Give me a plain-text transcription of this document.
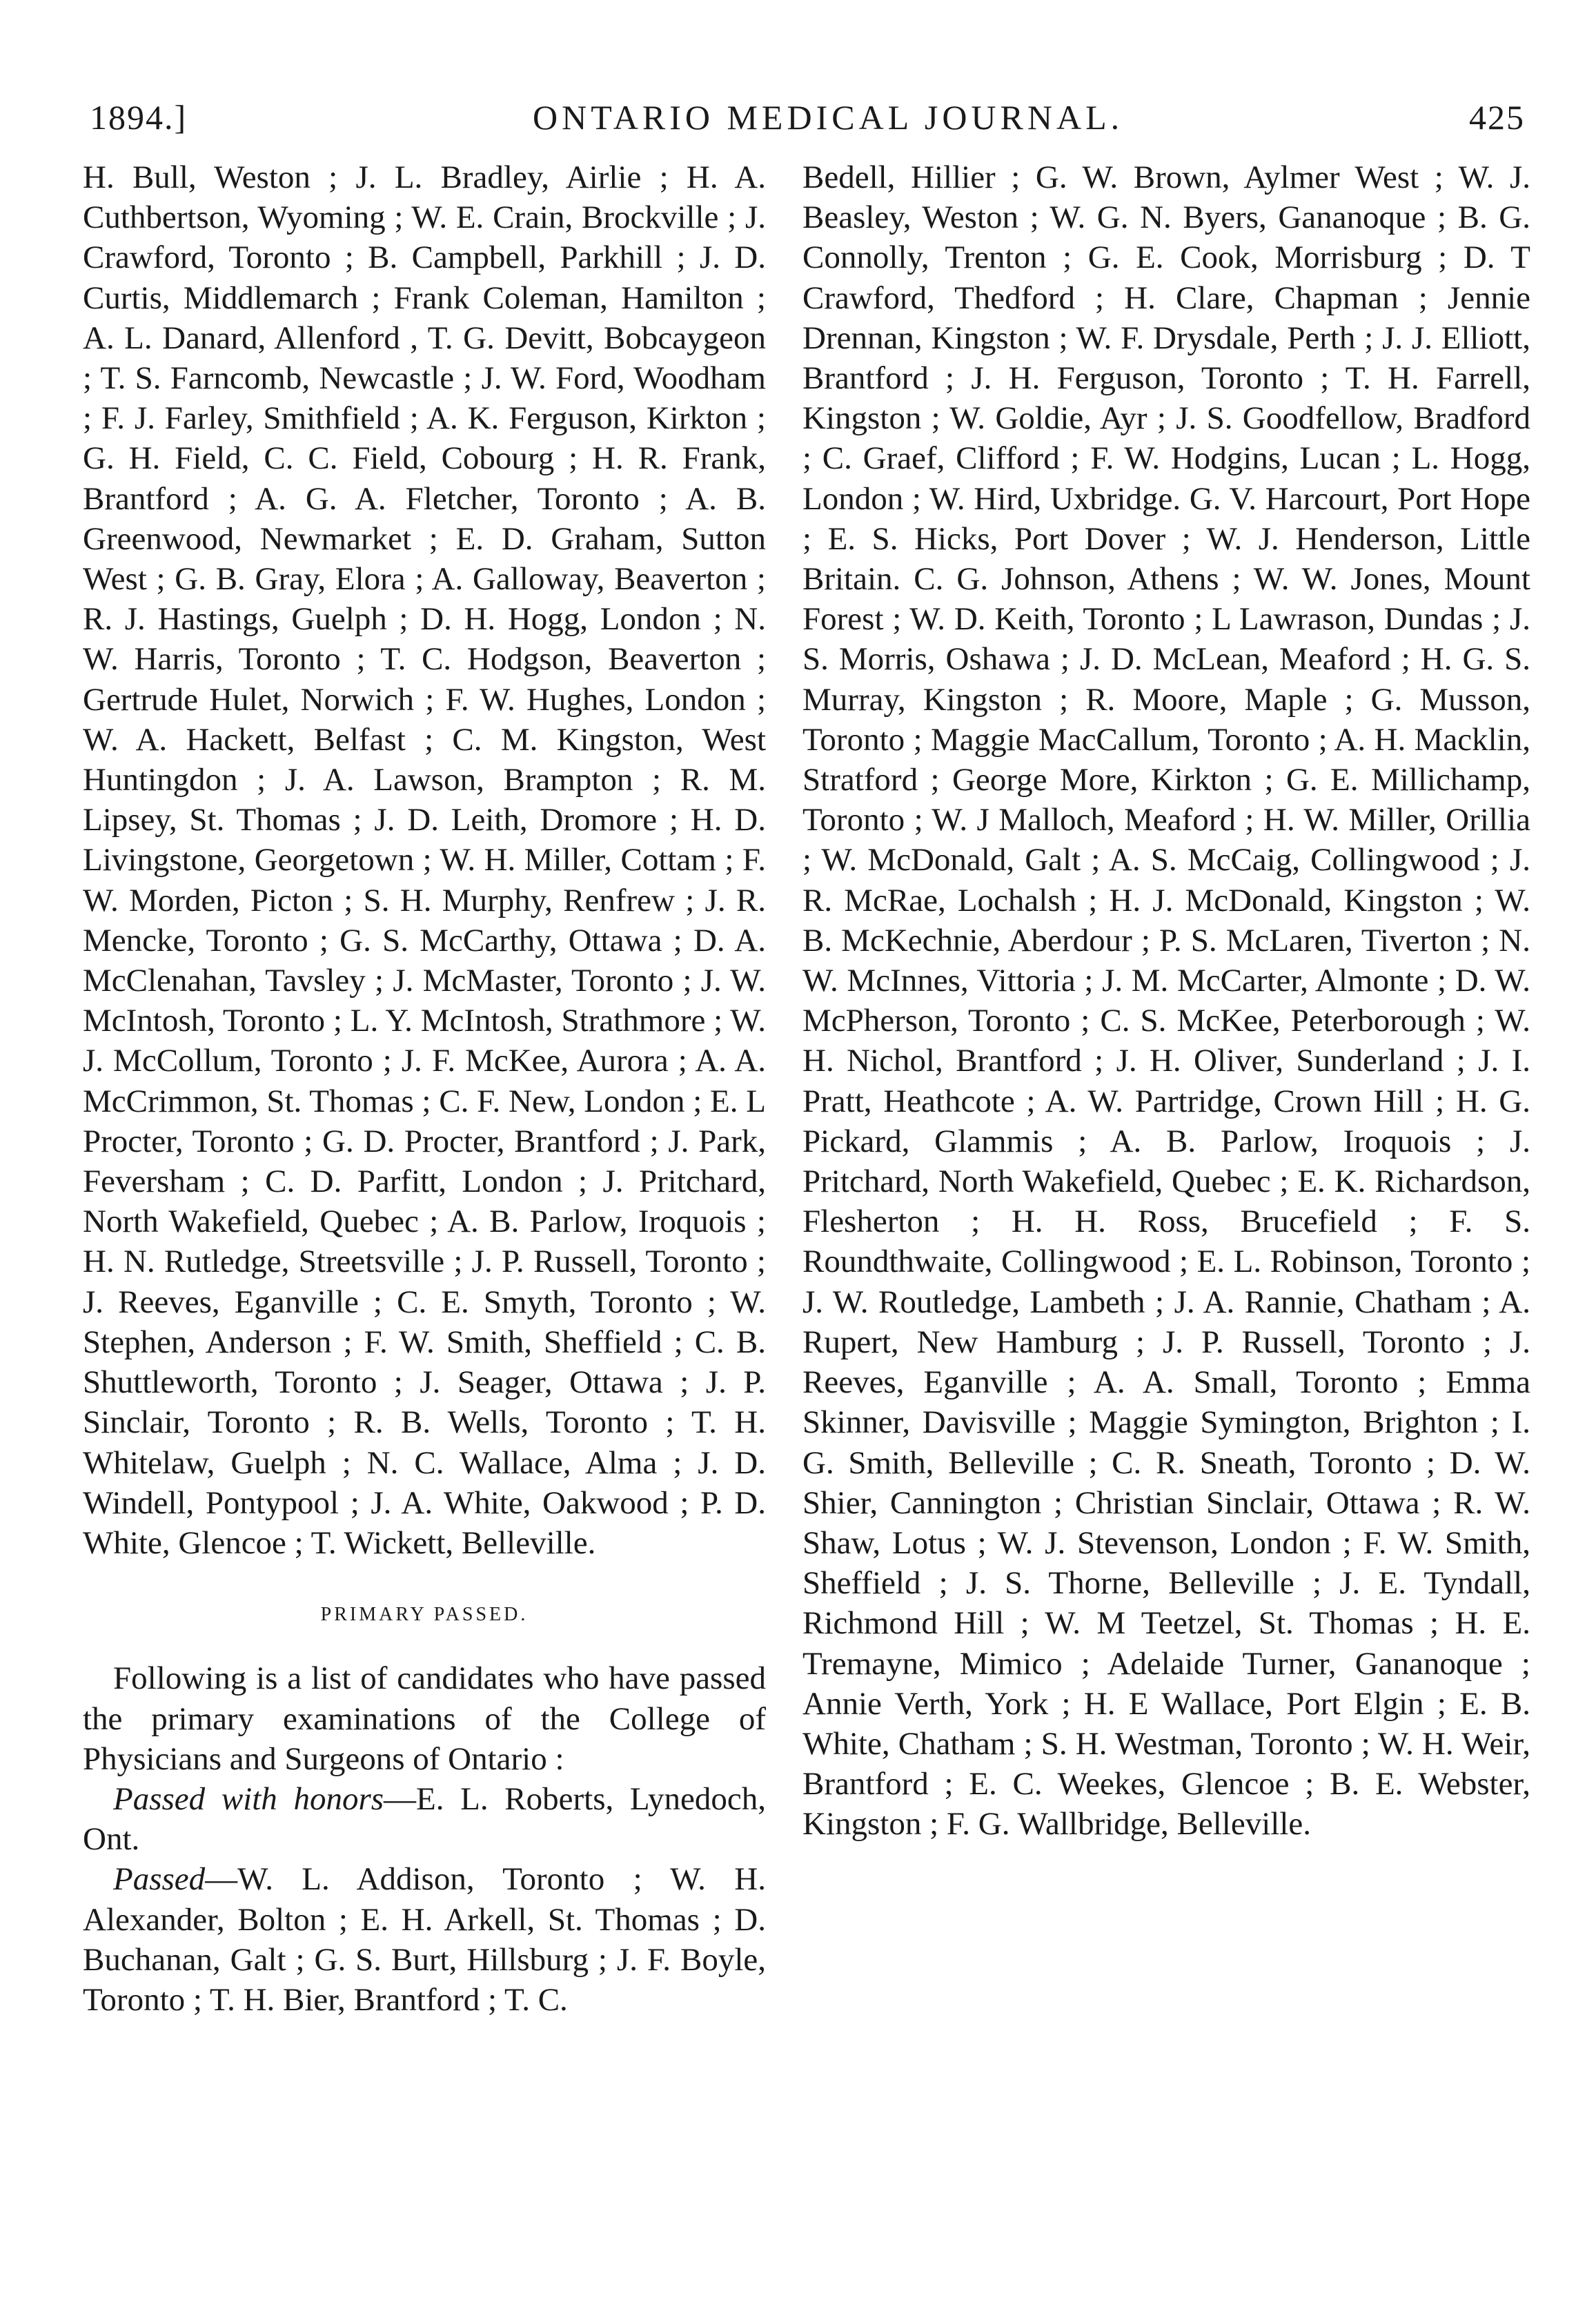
1894.]	ONTARIO MEDICAL JOURNAL.	425

H. Bull, Weston ; J. L. Bradley, Airlie ; H. A. Cuthbertson, Wyoming ; W. E. Crain, Brockville ; J. Crawford, Toronto ; B. Campbell, Parkhill ; J. D. Curtis, Middlemarch ; Frank Coleman, Hamilton ; A. L. Danard, Allenford , T. G. Devitt, Bobcaygeon ; T. S. Farncomb, Newcastle ; J. W. Ford, Woodham ; F. J. Farley, Smithfield ; A. K. Ferguson, Kirkton ; G. H. Field, C. C. Field, Cobourg ; H. R. Frank, Brantford ; A. G. A. Fletcher, Toronto ; A. B. Greenwood, Newmarket ; E. D. Graham, Sutton West ; G. B. Gray, Elora ; A. Galloway, Beaverton ; R. J. Hastings, Guelph ; D. H. Hogg, London ; N. W. Harris, Toronto ; T. C. Hodgson, Beaverton ; Gertrude Hulet, Norwich ; F. W. Hughes, London ; W. A. Hackett, Belfast ; C. M. Kingston, West Huntingdon ; J. A. Lawson, Brampton ; R. M. Lipsey, St. Thomas ; J. D. Leith, Dromore ; H. D. Livingstone, Georgetown ; W. H. Miller, Cottam ; F. W. Morden, Picton ; S. H. Murphy, Renfrew ; J. R. Mencke, Toronto ; G. S. McCarthy, Ottawa ; D. A. McClenahan, Tavsley ; J. McMaster, Toronto ; J. W. McIntosh, Toronto ; L. Y. McIntosh, Strathmore ; W. J. McCollum, Toronto ; J. F. McKee, Aurora ; A. A. McCrimmon, St. Thomas ; C. F. New, London ; E. L Procter, Toronto ; G. D. Procter, Brantford ; J. Park, Feversham ; C. D. Parfitt, London ; J. Pritchard, North Wakefield, Quebec ; A. B. Parlow, Iroquois ; H. N. Rutledge, Streetsville ; J. P. Russell, Toronto ; J. Reeves, Eganville ; C. E. Smyth, Toronto ; W. Stephen, Anderson ; F. W. Smith, Sheffield ; C. B. Shuttleworth, Toronto ; J. Seager, Ottawa ; J. P. Sinclair, Toronto ; R. B. Wells, Toronto ; T. H. Whitelaw, Guelph ; N. C. Wallace, Alma ; J. D. Windell, Pontypool ; J. A. White, Oakwood ; P. D. White, Glencoe ; T. Wickett, Belleville.

PRIMARY PASSED.

Following is a list of candidates who have passed the primary examinations of the College of Physicians and Surgeons of Ontario :

Passed with honors—E. L. Roberts, Lynedoch, Ont.

Passed—W. L. Addison, Toronto ; W. H. Alexander, Bolton ; E. H. Arkell, St. Thomas ; D. Buchanan, Galt ; G. S. Burt, Hillsburg ; J. F. Boyle, Toronto ; T. H. Bier, Brantford ; T. C.

Bedell, Hillier ; G. W. Brown, Aylmer West ; W. J. Beasley, Weston ; W. G. N. Byers, Gananoque ; B. G. Connolly, Trenton ; G. E. Cook, Morrisburg ; D. T Crawford, Thedford ; H. Clare, Chapman ; Jennie Drennan, Kingston ; W. F. Drysdale, Perth ; J. J. Elliott, Brantford ; J. H. Ferguson, Toronto ; T. H. Farrell, Kingston ; W. Goldie, Ayr ; J. S. Goodfellow, Bradford ; C. Graef, Clifford ; F. W. Hodgins, Lucan ; L. Hogg, London ; W. Hird, Uxbridge. G. V. Harcourt, Port Hope ; E. S. Hicks, Port Dover ; W. J. Henderson, Little Britain. C. G. Johnson, Athens ; W. W. Jones, Mount Forest ; W. D. Keith, Toronto ; L Lawrason, Dundas ; J. S. Morris, Oshawa ; J. D. McLean, Meaford ; H. G. S. Murray, Kingston ; R. Moore, Maple ; G. Musson, Toronto ; Maggie MacCallum, Toronto ; A. H. Macklin, Stratford ; George More, Kirkton ; G. E. Millichamp, Toronto ; W. J Malloch, Meaford ; H. W. Miller, Orillia ; W. McDonald, Galt ; A. S. McCaig, Collingwood ; J. R. McRae, Lochalsh ; H. J. McDonald, Kingston ; W. B. McKechnie, Aberdour ; P. S. McLaren, Tiverton ; N. W. McInnes, Vittoria ; J. M. McCarter, Almonte ; D. W. McPherson, Toronto ; C. S. McKee, Peterborough ; W. H. Nichol, Brantford ; J. H. Oliver, Sunderland ; J. I. Pratt, Heathcote ; A. W. Partridge, Crown Hill ; H. G. Pickard, Glammis ; A. B. Parlow, Iroquois ; J. Pritchard, North Wakefield, Quebec ; E. K. Richardson, Flesherton ; H. H. Ross, Brucefield ; F. S. Roundthwaite, Collingwood ; E. L. Robinson, Toronto ; J. W. Routledge, Lambeth ; J. A. Rannie, Chatham ; A. Rupert, New Hamburg ; J. P. Russell, Toronto ; J. Reeves, Eganville ; A. A. Small, Toronto ; Emma Skinner, Davisville ; Maggie Symington, Brighton ; I. G. Smith, Belleville ; C. R. Sneath, Toronto ; D. W. Shier, Cannington ; Christian Sinclair, Ottawa ; R. W. Shaw, Lotus ; W. J. Stevenson, London ; F. W. Smith, Sheffield ; J. S. Thorne, Belleville ; J. E. Tyndall, Richmond Hill ; W. M Teetzel, St. Thomas ; H. E. Tremayne, Mimico ; Adelaide Turner, Gananoque ; Annie Verth, York ; H. E Wallace, Port Elgin ; E. B. White, Chatham ; S. H. Westman, Toronto ; W. H. Weir, Brantford ; E. C. Weekes, Glencoe ; B. E. Webster, Kingston ; F. G. Wallbridge, Belleville.
